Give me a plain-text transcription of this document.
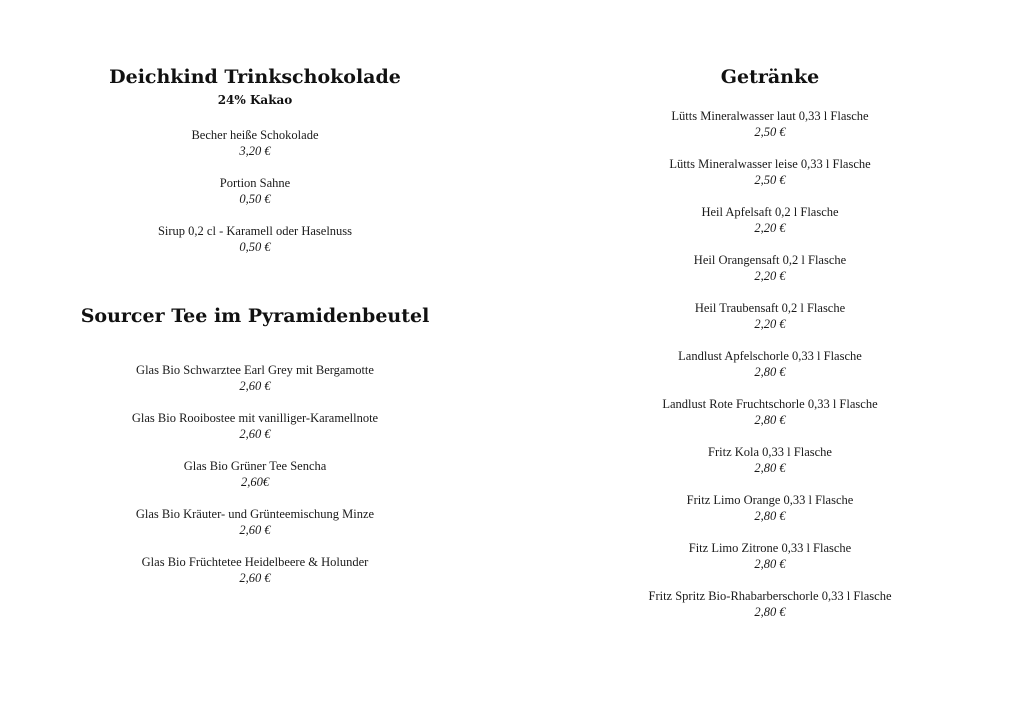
Deichkind Trinkschokolade
24% Kakao
Becher heiße Schokolade
3,20 €
Portion Sahne
0,50 €
Sirup 0,2 cl - Karamell oder Haselnuss
0,50 €
Sourcer Tee im Pyramidenbeutel
Glas Bio Schwarztee Earl Grey mit Bergamotte
2,60 €
Glas Bio Rooibostee mit vanilliger-Karamellnote
2,60 €
Glas Bio Grüner Tee Sencha
2,60€
Glas Bio Kräuter- und Grünteemischung Minze
2,60 €
Glas Bio Früchtetee Heidelbeere & Holunder
2,60 €
Getränke
Lütts Mineralwasser laut 0,33 l Flasche
2,50 €
Lütts Mineralwasser leise 0,33 l Flasche
2,50 €
Heil Apfelsaft 0,2 l Flasche
2,20 €
Heil Orangensaft 0,2 l Flasche
2,20 €
Heil Traubensaft 0,2 l Flasche
2,20 €
Landlust Apfelschorle 0,33 l Flasche
2,80 €
Landlust Rote Fruchtschorle 0,33 l Flasche
2,80 €
Fritz Kola 0,33 l Flasche
2,80 €
Fritz Limo Orange 0,33 l Flasche
2,80 €
Fitz Limo Zitrone 0,33 l Flasche
2,80 €
Fritz Spritz Bio-Rhabarberschorle 0,33 l Flasche
2,80 €
